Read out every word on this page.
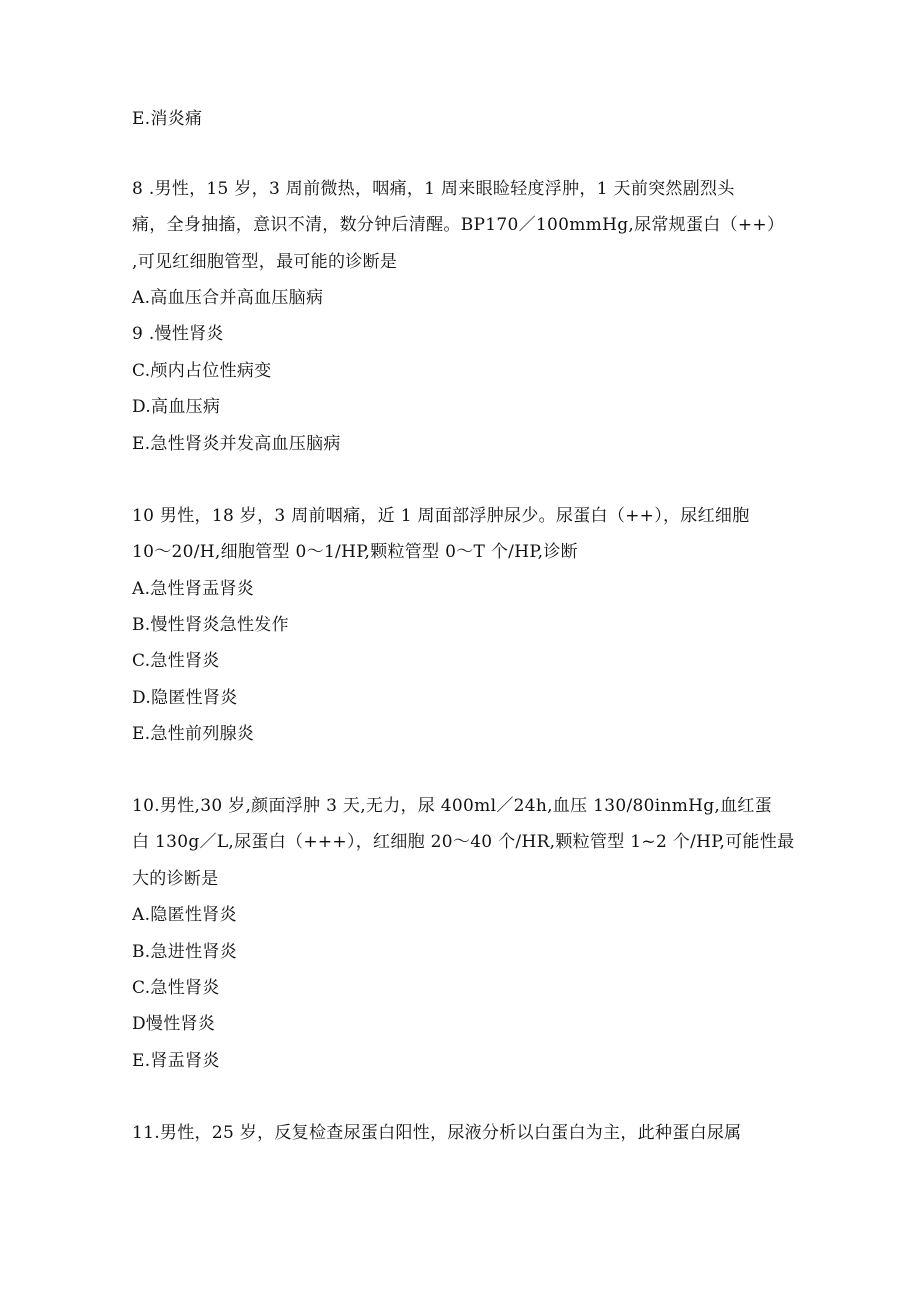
E.消炎痛
8 .男性，15 岁，3 周前微热，咽痛，1 周来眼睑轻度浮肿，1 天前突然剧烈头
痛，全身抽搐，意识不清，数分钟后清醒。BP170／100mmHg,尿常规蛋白（++）
,可见红细胞管型，最可能的诊断是
A.高血压合并高血压脑病
9 .慢性肾炎
C.颅内占位性病变
D.高血压病
E.急性肾炎并发高血压脑病
10 男性，18 岁，3 周前咽痛，近 1 周面部浮肿尿少。尿蛋白（++），尿红细胞
10～20/H,细胞管型 0～1/HP,颗粒管型 0～T 个/HP,诊断
A.急性肾盂肾炎
B.慢性肾炎急性发作
C.急性肾炎
D.隐匿性肾炎
E.急性前列腺炎
10.男性,30 岁,颜面浮肿 3 天,无力，尿 400ml／24h,血压 130/80inmHg,血红蛋
白 130g／L,尿蛋白（+++），红细胞 20～40 个/HR,颗粒管型 1~2 个/HP,可能性最
大的诊断是
A.隐匿性肾炎
B.急进性肾炎
C.急性肾炎
D慢性肾炎
E.肾盂肾炎
11.男性，25 岁，反复检查尿蛋白阳性，尿液分析以白蛋白为主，此种蛋白尿属
